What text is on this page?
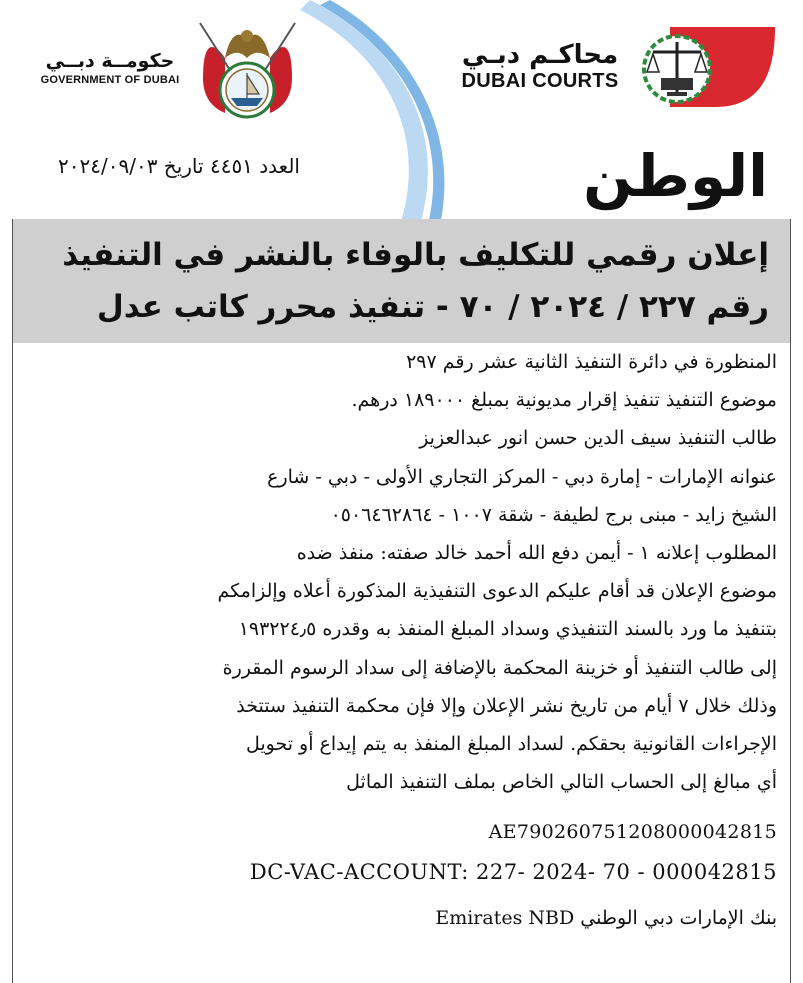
حكومــة دبــي
GOVERNMENT OF DUBAI
محاكـم دبـي
DUBAI COURTS
العدد ٤٤٥١ تاريخ ٢٠٢٤/٠٩/٠٣	الوطن
إعلان رقمي للتكليف بالوفاء بالنشر في التنفيذ
رقم ٢٢٧ / ٢٠٢٤ / ٧٠ - تنفيذ محرر كاتب عدل
المنظورة في دائرة التنفيذ الثانية عشر رقم ٢٩٧
موضوع التنفيذ تنفيذ إقرار مديونية بمبلغ ١٨٩٠٠٠ درهم.
طالب التنفيذ سيف الدين حسن انور عبدالعزيز
عنوانه الإمارات - إمارة دبي - المركز التجاري الأولى - دبي - شارع
الشيخ زايد - مبنى برج لطيفة - شقة ١٠٠٧ - ٠٥٠٦٤٦٢٨٦٤
المطلوب إعلانه ١ - أيمن دفع الله أحمد خالد صفته: منفذ ضده
موضوع الإعلان قد أقام عليكم الدعوى التنفيذية المذكورة أعلاه وإلزامكم
بتنفيذ ما ورد بالسند التنفيذي وسداد المبلغ المنفذ به وقدره ١٩٣٢٢٤٫٥
إلى طالب التنفيذ أو خزينة المحكمة بالإضافة إلى سداد الرسوم المقررة
وذلك خلال ٧ أيام من تاريخ نشر الإعلان وإلا فإن محكمة التنفيذ ستتخذ
الإجراءات القانونية بحقكم. لسداد المبلغ المنفذ به يتم إيداع أو تحويل
أي مبالغ إلى الحساب التالي الخاص بملف التنفيذ الماثل
AE790260751208000042815
DC-VAC-ACCOUNT: 227- 2024- 70 - 000042815
بنك الإمارات دبي الوطني Emirates NBD
